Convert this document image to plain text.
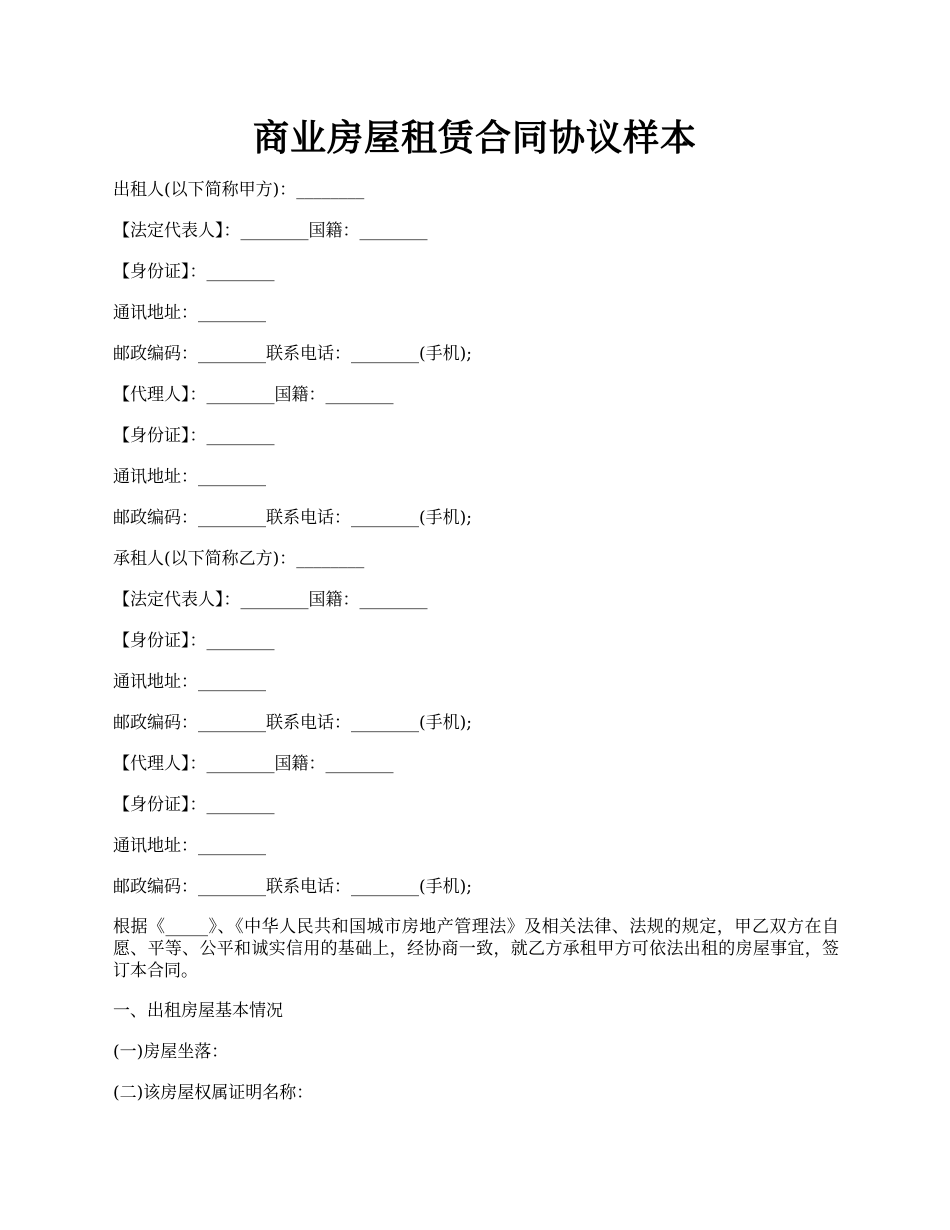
商业房屋租赁合同协议样本
出租人(以下简称甲方)：________
【法定代表人】：________国籍：________
【身份证】：________
通讯地址：________
邮政编码：________联系电话：________(手机);
【代理人】：________国籍：________
【身份证】：________
通讯地址：________
邮政编码：________联系电话：________(手机);
承租人(以下简称乙方)：________
【法定代表人】：________国籍：________
【身份证】：________
通讯地址：________
邮政编码：________联系电话：________(手机);
【代理人】：________国籍：________
【身份证】：________
通讯地址：________
邮政编码：________联系电话：________(手机);
根据《_____》、《中华人民共和国城市房地产管理法》及相关法律、法规的规定，甲乙双方在自愿、平等、公平和诚实信用的基础上，经协商一致，就乙方承租甲方可依法出租的房屋事宜，签订本合同。
一、出租房屋基本情况
(一)房屋坐落：
(二)该房屋权属证明名称：
